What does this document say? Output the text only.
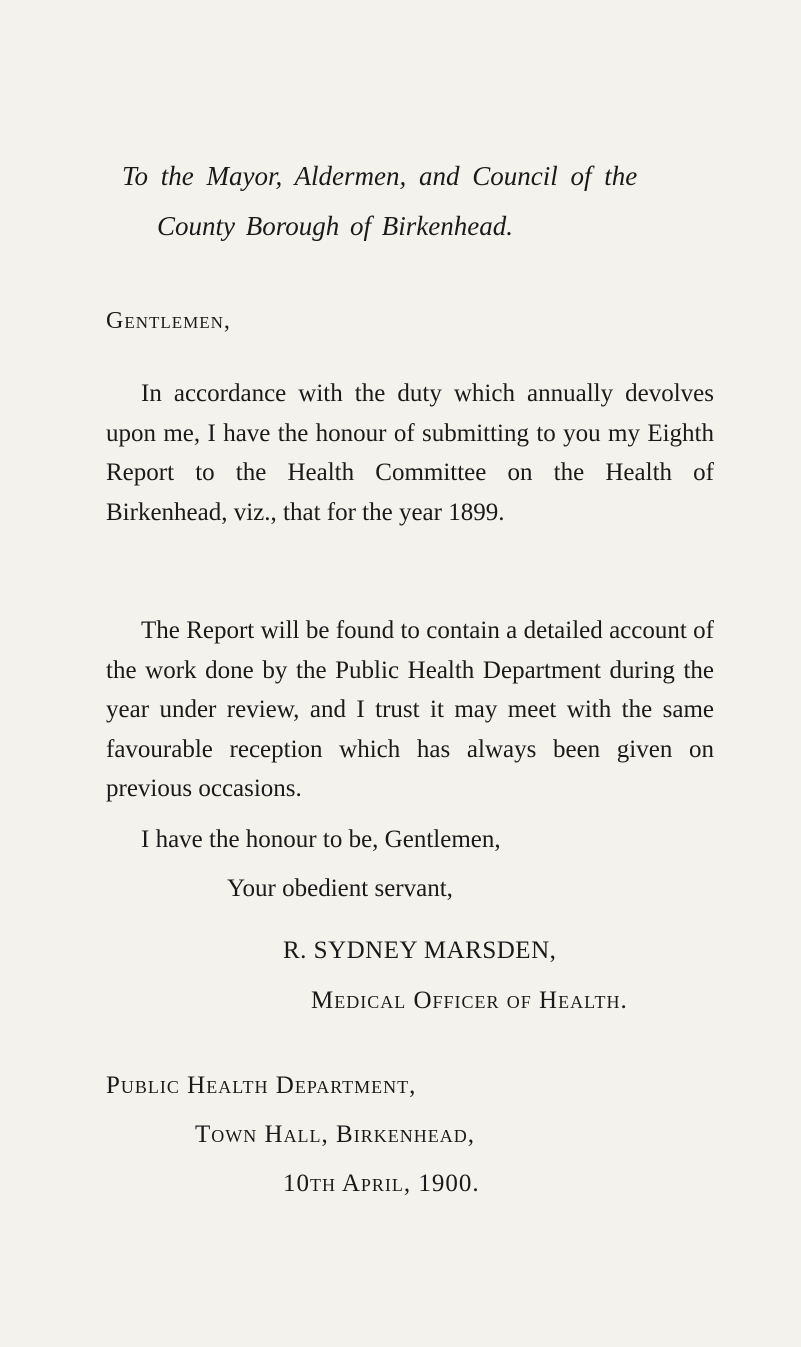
To the Mayor, Aldermen, and Council of the
County Borough of Birkenhead.
Gentlemen,

In accordance with the duty which annually devolves upon me, I have the honour of submitting to you my Eighth Report to the Health Committee on the Health of Birkenhead, viz., that for the year 1899.

The Report will be found to contain a detailed account of the work done by the Public Health Department during the year under review, and I trust it may meet with the same favourable reception which has always been given on previous occasions.

I have the honour to be, Gentlemen,
Your obedient servant,
R. SYDNEY MARSDEN,
Medical Officer of Health.
Public Health Department,
Town Hall, Birkenhead,
10th April, 1900.
